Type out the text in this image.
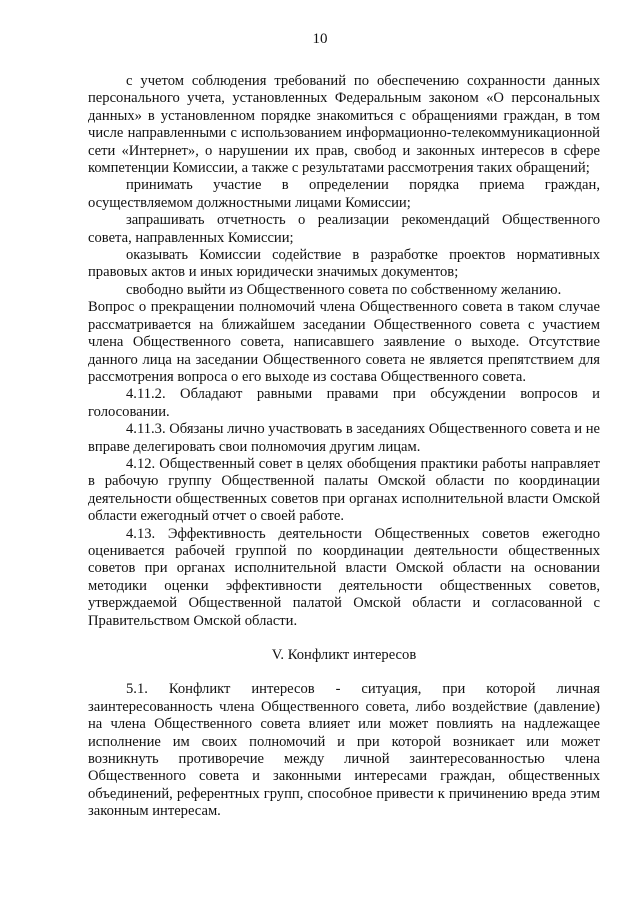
10

с учетом соблюдения требований по обеспечению сохранности данных персонального учета, установленных Федеральным законом «О персональных данных» в установленном порядке знакомиться с обращениями граждан, в том числе направленными с использованием информационно-телекоммуникационной сети «Интернет», о нарушении их прав, свобод и законных интересов в сфере компетенции Комиссии, а также с результатами рассмотрения таких обращений;

принимать участие в определении порядка приема граждан, осуществляемом должностными лицами Комиссии;

запрашивать отчетность о реализации рекомендаций Общественного совета, направленных Комиссии;

оказывать Комиссии содействие в разработке проектов нормативных правовых актов и иных юридически значимых документов;

свободно выйти из Общественного совета по собственному желанию.

Вопрос о прекращении полномочий члена Общественного совета в таком случае рассматривается на ближайшем заседании Общественного совета с участием члена Общественного совета, написавшего заявление о выходе. Отсутствие данного лица на заседании Общественного совета не является препятствием для рассмотрения вопроса о его выходе из состава Общественного совета.

4.11.2. Обладают равными правами при обсуждении вопросов и голосовании.

4.11.3. Обязаны лично участвовать в заседаниях Общественного совета и не вправе делегировать свои полномочия другим лицам.

4.12. Общественный совет в целях обобщения практики работы направляет в рабочую группу Общественной палаты Омской области по координации деятельности общественных советов при органах исполнительной власти Омской области ежегодный отчет о своей работе.

4.13. Эффективность деятельности Общественных советов ежегодно оценивается рабочей группой по координации деятельности общественных советов при органах исполнительной власти Омской области на основании методики оценки эффективности деятельности общественных советов, утверждаемой Общественной палатой Омской области и согласованной с Правительством Омской области.

V. Конфликт интересов

5.1. Конфликт интересов - ситуация, при которой личная заинтересованность члена Общественного совета, либо воздействие (давление) на члена Общественного совета влияет или может повлиять на надлежащее исполнение им своих полномочий и при которой возникает или может возникнуть противоречие между личной заинтересованностью члена Общественного совета и законными интересами граждан, общественных объединений, референтных групп, способное привести к причинению вреда этим законным интересам.
